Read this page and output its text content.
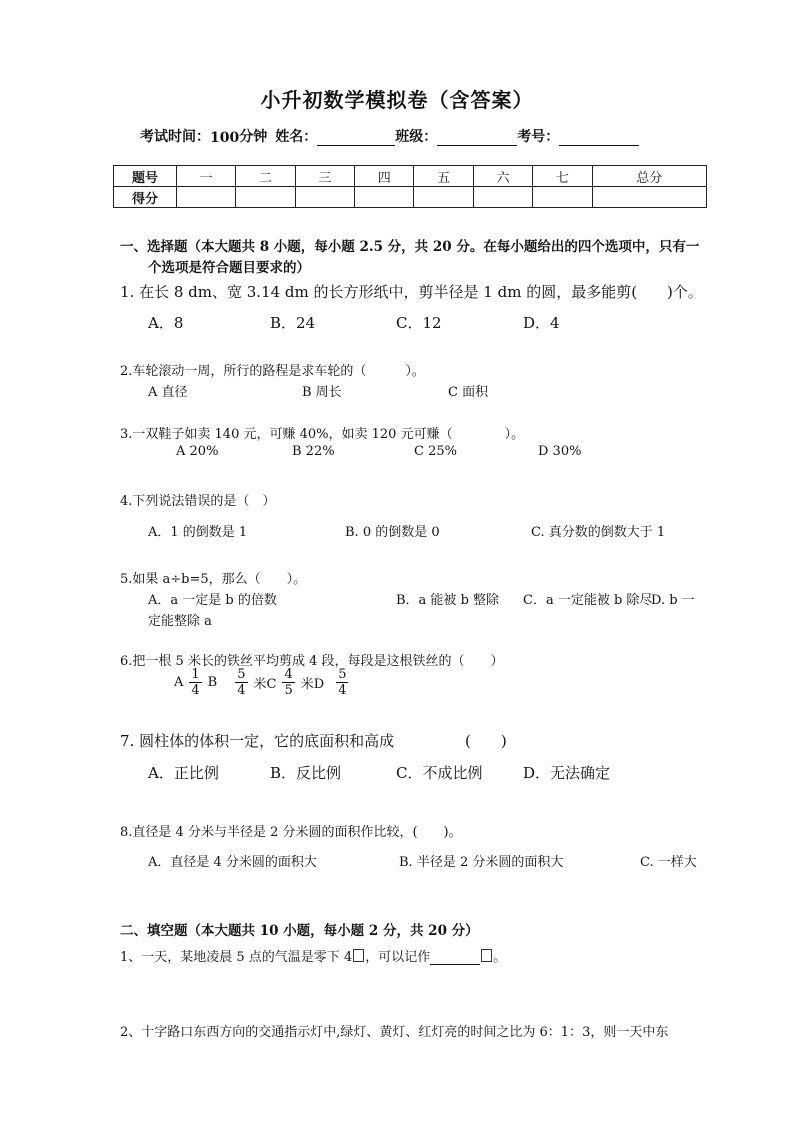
小升初数学模拟卷（含答案）
考试时间： 100 分钟 姓名：	班级：	考号：
题号	一	二	三	四	五	六	七	总分
得分								
一、选择题（本大题共 8 小题，每小题 2.5 分，共 20 分。在每小题给出的四个选项中，只有一
个选项是符合题目要求的）
1. 在长 8 dm、宽 3.14 dm 的长方形纸中，剪半径是 1 dm 的圆，最多能剪(　　)个。
A．8	B．24	C．12	D．4
2.车轮滚动一周，所行的路程是求车轮的（　　　）。
A 直径	B 周长	C 面积
3.一双鞋子如卖 140 元，可赚 40%，如卖 120 元可赚（　　　　）。
A 20%	B 22%	C 25%	D 30%
4.下列说法错误的是（　）
A．1 的倒数是 1	B. 0 的倒数是 0	C. 真分数的倒数大于 1
5.如果 a÷b=5，那么（　　）。
A．a 一定是 b 的倍数	B．a 能被 b 整除 C．a 一定能被 b 除尽
D. b 一
定能整除 a
6.把一根 5 米长的铁丝平均剪成 4 段，每段是这根铁丝的（　　）
A $\frac{1}{4}$ B $\frac{5}{4}$ 米C $\frac{4}{5}$ 米D $\frac{5}{4}$
7. 圆柱体的体积一定，它的底面积和高成	(　　)
A．正比例	B．反比例	C．不成比例	D．无法确定
8.直径是 4 分米与半径是 2 分米圆的面积作比较，(　　)。
A．直径是 4 分米圆的面积大	B. 半径是 2 分米圆的面积大	C. 一样大
二、填空题（本大题共 10 小题，每小题 2 分，共 20 分）
1、一天，某地凌晨 5 点的气温是零下 4 ，可以记作	。
2、十字路口东西方向的交通指示灯中,绿灯、黄灯、红灯亮的时间之比为 6：1：3，则一天中东
